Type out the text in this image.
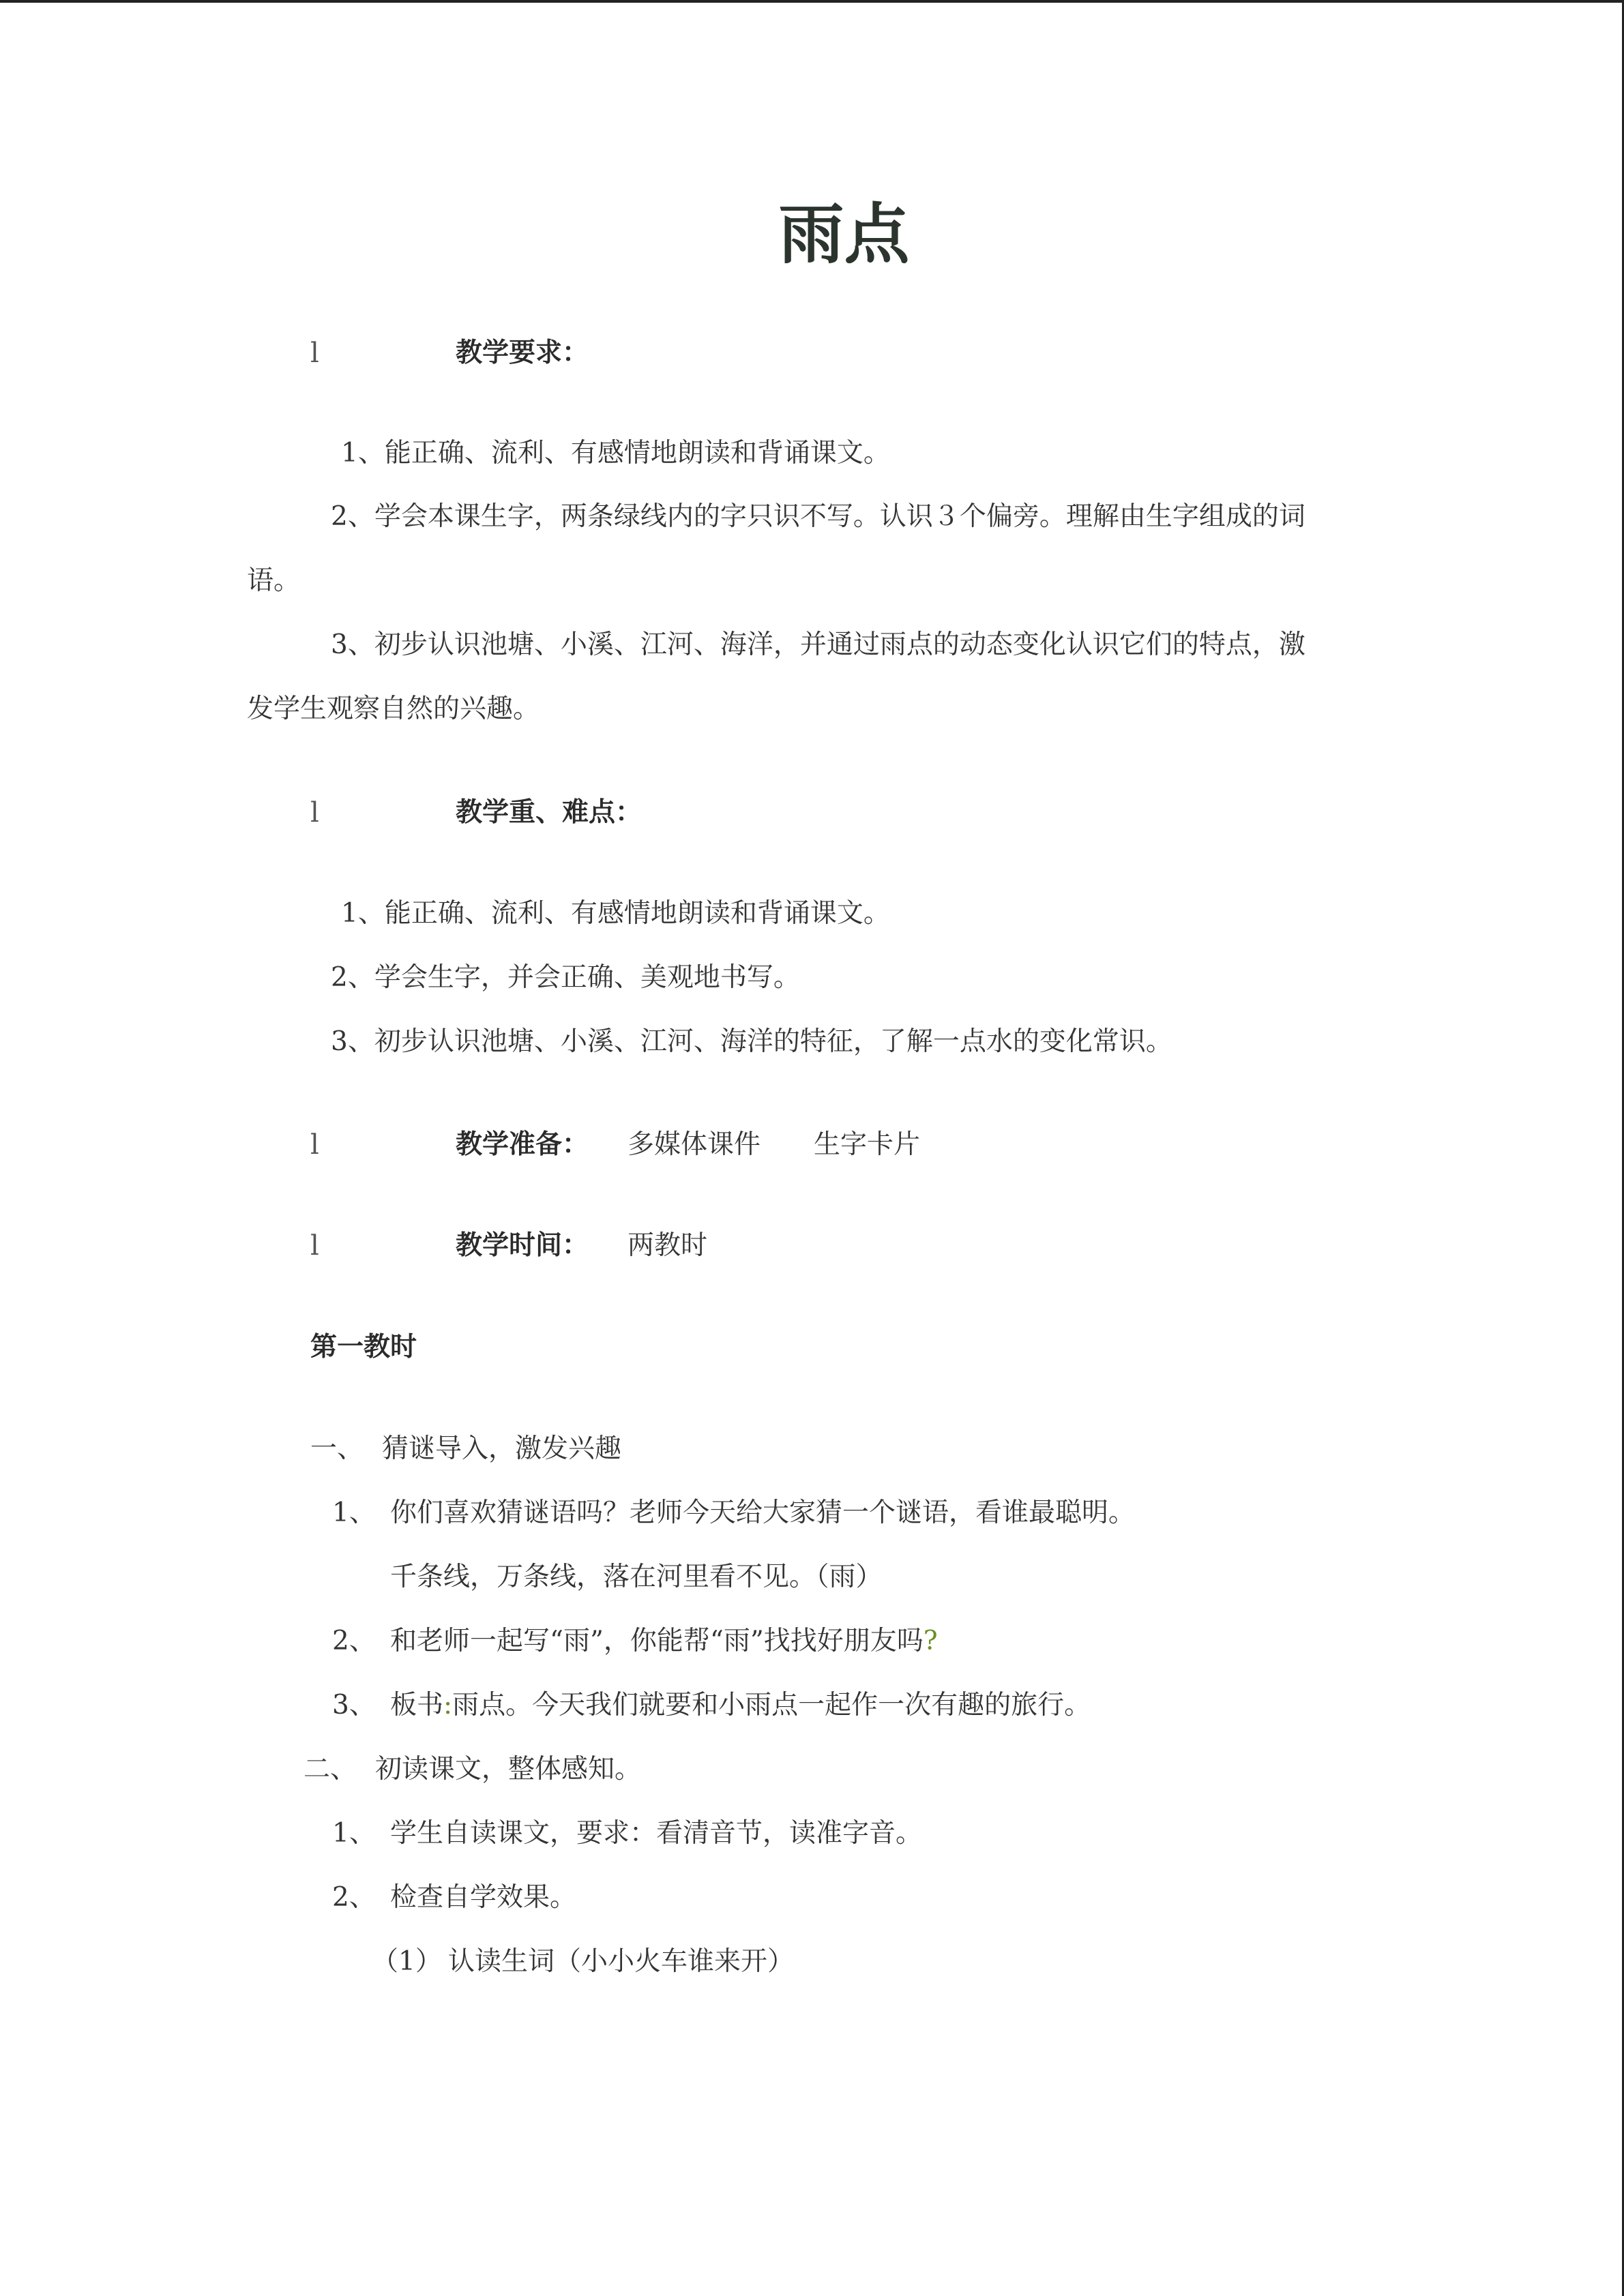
雨点
l	教学要求：
1、能正确、流利、有感情地朗读和背诵课文。
2、学会本课生字，两条绿线内的字只识不写。认识３个偏旁。理解由生字组成的词
语。
3、初步认识池塘、小溪、江河、海洋，并通过雨点的动态变化认识它们的特点，激
发学生观察自然的兴趣。
l	教学重、难点：
1、能正确、流利、有感情地朗读和背诵课文。
2、学会生字，并会正确、美观地书写。
3、初步认识池塘、小溪、江河、海洋的特征，了解一点水的变化常识。
l	教学准备： 多媒体课件 生字卡片
l	教学时间： 两教时
第一教时
一、 猜谜导入，激发兴趣
1、 你们喜欢猜谜语吗？老师今天给大家猜一个谜语，看谁最聪明。
千条线，万条线，落在河里看不见。（雨）
2、 和老师一起写“雨”，你能帮“雨”找找好朋友吗?
3、 板书:雨点。今天我们就要和小雨点一起作一次有趣的旅行。
二、 初读课文，整体感知。
1、 学生自读课文，要求：看清音节，读准字音。
2、 检查自学效果。
（1） 认读生词（小小火车谁来开）
